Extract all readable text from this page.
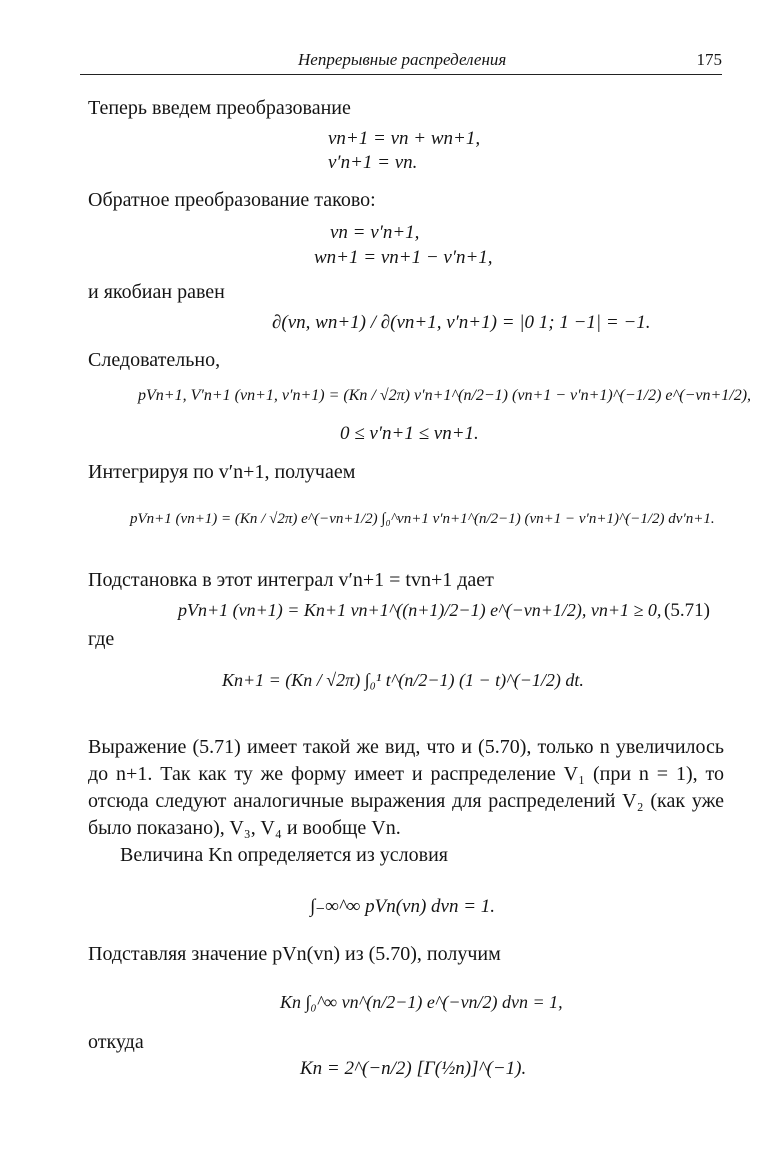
Непрерывные распределения	175
Теперь введем преобразование
vn+1 = vn + wn+1,
v′n+1 = vn.
Обратное преобразование таково:
vn = v′n+1,
wn+1 = vn+1 − v′n+1,
и якобиан равен
∂(vn, wn+1) / ∂(vn+1, v′n+1) = |0 1; 1 −1| = −1.
Следовательно,
pVn+1, V′n+1 (vn+1, v′n+1) = (Kn / √2π) v′n+1^(n/2−1) (vn+1 − v′n+1)^(−1/2) e^(−vn+1/2),
0 ≤ v′n+1 ≤ vn+1.
Интегрируя по v′n+1, получаем
pVn+1 (vn+1) = (Kn / √2π) e^(−vn+1/2) ∫₀^vn+1 v′n+1^(n/2−1) (vn+1 − v′n+1)^(−1/2) dv′n+1.
Подстановка в этот интеграл v′n+1 = tvn+1 дает
pVn+1 (vn+1) = Kn+1 vn+1^((n+1)/2−1) e^(−vn+1/2), vn+1 ≥ 0, (5.71)
где
Kn+1 = (Kn / √2π) ∫₀¹ t^(n/2−1) (1 − t)^(−1/2) dt.

Выражение (5.71) имеет такой же вид, что и (5.70), только n увеличилось до n+1. Так как ту же форму имеет и распределение V₁ (при n = 1), то отсюда следуют аналогичные выражения для распределений V₂ (как уже было показано), V₃, V₄ и вообще Vn.

Величина Kn определяется из условия

∫₋∞^∞ pVn(vn) dvn = 1.
Подставляя значение pVn(vn) из (5.70), получим
Kn ∫₀^∞ vn^(n/2−1) e^(−vn/2) dvn = 1,
откуда
Kn = 2^(−n/2) [Γ(½n)]^(−1).
